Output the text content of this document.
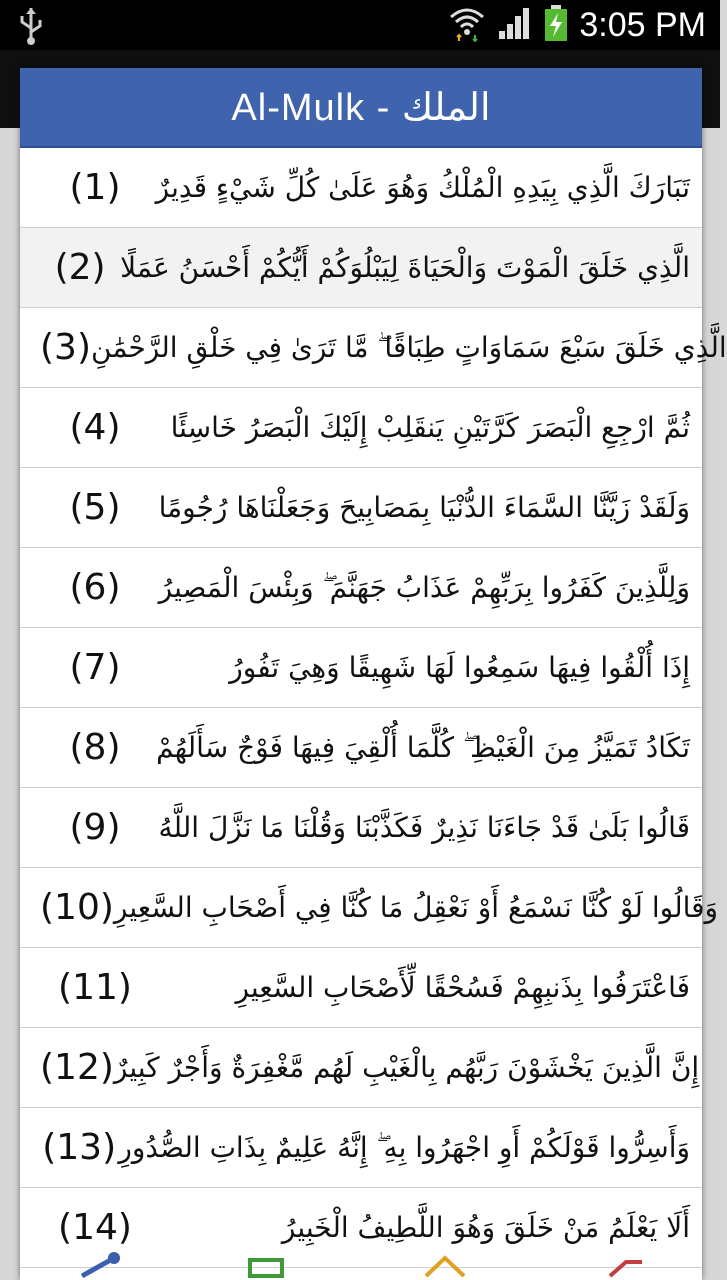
3:05 PM
Al-Mulk - الملك
(1)	تَبَارَكَ الَّذِي بِيَدِهِ الْمُلْكُ وَهُوَ عَلَىٰ كُلِّ شَيْءٍ قَدِيرٌ
(2) الَّذِي خَلَقَ الْمَوْتَ وَالْحَيَاةَ لِيَبْلُوَكُمْ أَيُّكُمْ أَحْسَنُ عَمَلًا
(3) الَّذِي خَلَقَ سَبْعَ سَمَاوَاتٍ طِبَاقًا ۖ مَّا تَرَىٰ فِي خَلْقِ الرَّحْمَٰنِ
(4)	ثُمَّ ارْجِعِ الْبَصَرَ كَرَّتَيْنِ يَنقَلِبْ إِلَيْكَ الْبَصَرُ خَاسِئًا
(5)	وَلَقَدْ زَيَّنَّا السَّمَاءَ الدُّنْيَا بِمَصَابِيحَ وَجَعَلْنَاهَا رُجُومًا
(6)	وَلِلَّذِينَ كَفَرُوا بِرَبِّهِمْ عَذَابُ جَهَنَّمَ ۖ وَبِئْسَ الْمَصِيرُ
(7)	إِذَا أُلْقُوا فِيهَا سَمِعُوا لَهَا شَهِيقًا وَهِيَ تَفُورُ
(8)	تَكَادُ تَمَيَّزُ مِنَ الْغَيْظِ ۖ كُلَّمَا أُلْقِيَ فِيهَا فَوْجٌ سَأَلَهُمْ
(9)	قَالُوا بَلَىٰ قَدْ جَاءَنَا نَذِيرٌ فَكَذَّبْنَا وَقُلْنَا مَا نَزَّلَ اللَّهُ
(10) وَقَالُوا لَوْ كُنَّا نَسْمَعُ أَوْ نَعْقِلُ مَا كُنَّا فِي أَصْحَابِ السَّعِيرِ
(11)	فَاعْتَرَفُوا بِذَنبِهِمْ فَسُحْقًا لِّأَصْحَابِ السَّعِيرِ
(12) إِنَّ الَّذِينَ يَخْشَوْنَ رَبَّهُم بِالْغَيْبِ لَهُم مَّغْفِرَةٌ وَأَجْرٌ كَبِيرٌ
(13) وَأَسِرُّوا قَوْلَكُمْ أَوِ اجْهَرُوا بِهِ ۖ إِنَّهُ عَلِيمٌ بِذَاتِ الصُّدُورِ
(14)	أَلَا يَعْلَمُ مَنْ خَلَقَ وَهُوَ اللَّطِيفُ الْخَبِيرُ
